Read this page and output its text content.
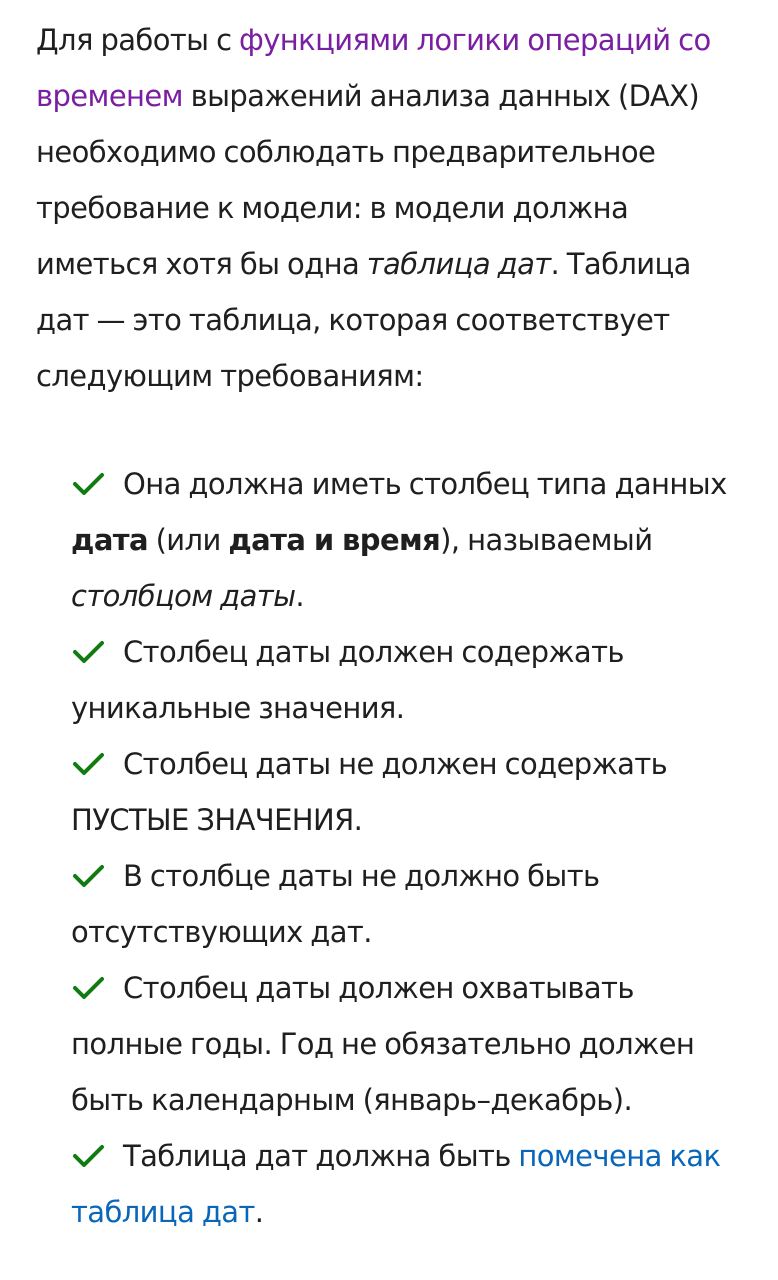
Для работы с функциями логики операций со временем выражений анализа данных (DAX) необходимо соблюдать предварительное требование к модели: в модели должна иметься хотя бы одна таблица дат. Таблица дат — это таблица, которая соответствует следующим требованиям:

Она должна иметь столбец типа данных дата (или дата и время), называемый столбцом даты.
Столбец даты должен содержать уникальные значения.
Столбец даты не должен содержать ПУСТЫЕ ЗНАЧЕНИЯ.
В столбце даты не должно быть отсутствующих дат.
Столбец даты должен охватывать полные годы. Год не обязательно должен быть календарным (январь–декабрь).
Таблица дат должна быть помечена как таблица дат.
